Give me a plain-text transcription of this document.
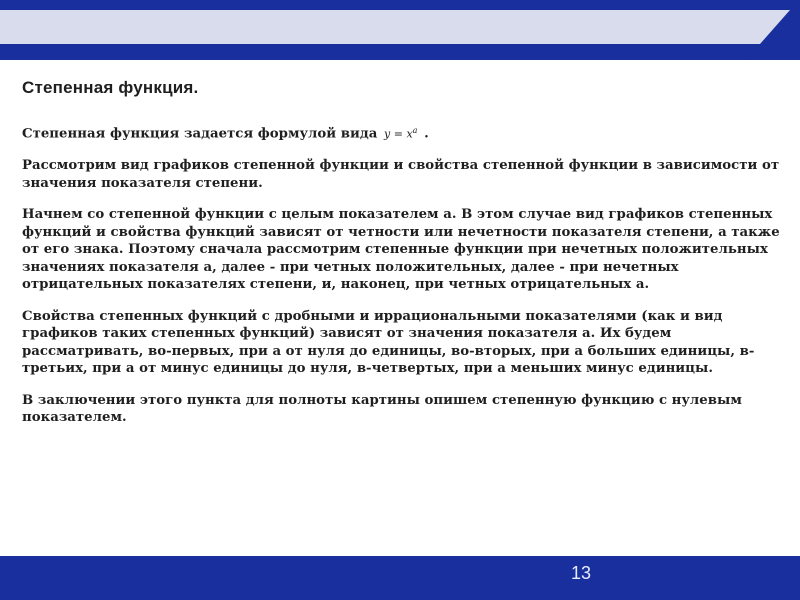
Степенная функция.
Степенная функция задается формулой вида $y = x^a$ .
Рассмотрим вид графиков степенной функции и свойства степенной функции в зависимости от значения показателя степени.
Начнем со степенной функции с целым показателем a. В этом случае вид графиков степенных функций и свойства функций зависят от четности или нечетности показателя степени, а также от его знака. Поэтому сначала рассмотрим степенные функции при нечетных положительных значениях показателя a, далее - при четных положительных, далее - при нечетных отрицательных показателях степени, и, наконец, при четных отрицательных a.
Свойства степенных функций с дробными и иррациональными показателями (как и вид графиков таких степенных функций) зависят от значения показателя a. Их будем рассматривать, во-первых, при a от нуля до единицы, во-вторых, при a больших единицы, в-третьих, при a от минус единицы до нуля, в-четвертых, при a меньших минус единицы.
В заключении этого пункта для полноты картины опишем степенную функцию с нулевым показателем.
13
